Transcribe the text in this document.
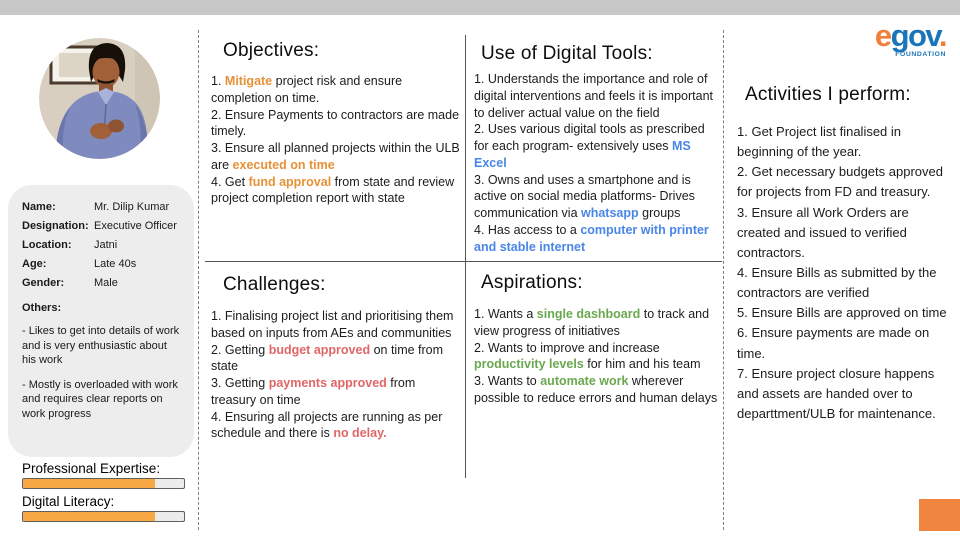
Name:	Mr. Dilip Kumar
Designation: Executive Officer
Location:	Jatni
Age:	Late 40s
Gender:	Male
Others:
- Likes to get into details of work and is very enthusiastic about his work
- Mostly is overloaded with work and requires clear reports on work progress
Professional Expertise:
Digital Literacy:
Objectives:
1. Mitigate project risk and ensure completion on time.
2. Ensure Payments to contractors are made timely.
3. Ensure all planned projects within the ULB are executed on time
4. Get fund approval from state and review project completion report with state
Use of Digital Tools:
1. Understands the importance and role of digital interventions and feels it is important to deliver actual value on the field
2. Uses various digital tools as prescribed for each program- extensively uses MS Excel
3. Owns and uses a smartphone and is active on social media platforms- Drives communication via whatsapp groups
4. Has access to a computer with printer and stable internet
Challenges:
1. Finalising project list and prioritising them based on inputs from AEs and communities
2. Getting budget approved on time from state
3. Getting payments approved from treasury on time
4. Ensuring all projects are running as per schedule and there is no delay.
Aspirations:
1. Wants a single dashboard to track and view progress of initiatives
2. Wants to improve and increase productivity levels for him and his team
3. Wants to automate work wherever possible to reduce errors and human delays
Activities I perform:
1. Get Project list finalised in beginning of the year.
2. Get necessary budgets approved for projects from FD and treasury.
3. Ensure all Work Orders are created and issued to verified contractors.
4. Ensure Bills as submitted by the contractors are verified
5. Ensure Bills are approved on time
6. Ensure payments are made on time.
7. Ensure project closure happens and assets are handed over to departtment/ULB for maintenance.
egov.
FOUNDATION
